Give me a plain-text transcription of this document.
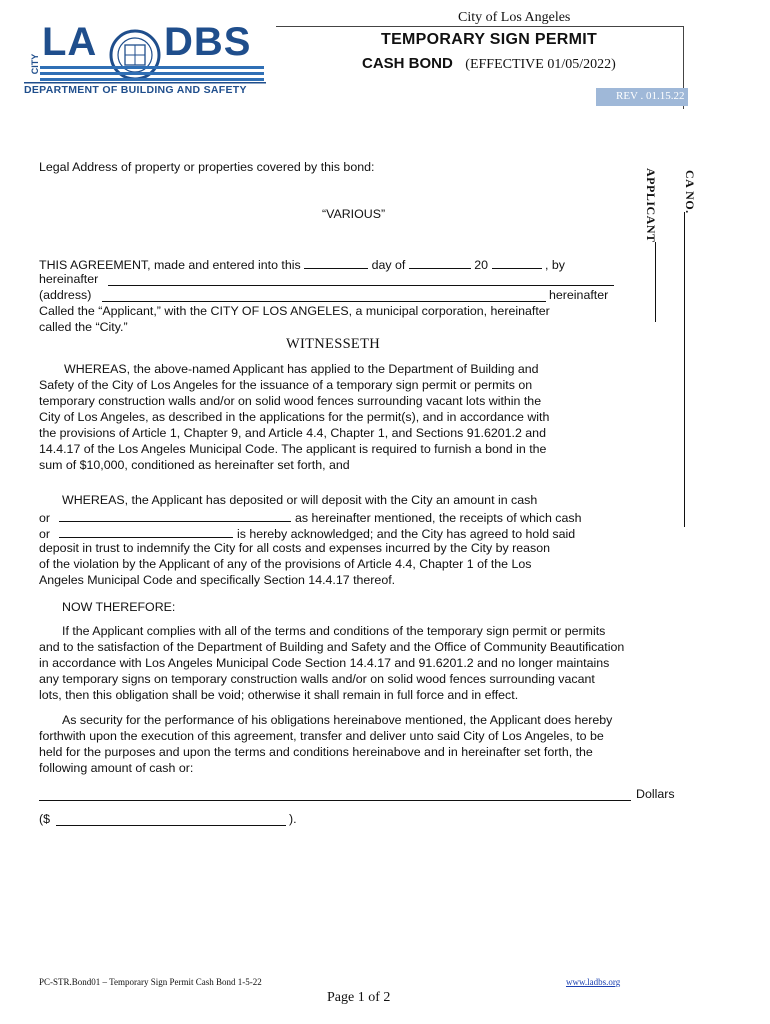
CITY LA DBS
DEPARTMENT OF BUILDING AND SAFETY
City of Los Angeles
TEMPORARY SIGN PERMIT
CASH BOND (EFFECTIVE 01/05/2022)
REV . 01.15.22
APPLICANT CA NO.
Legal Address of property or properties covered by this bond:
“VARIOUS”
THIS AGREEMENT, made and entered into this	day of	20	, by
hereinafter
(address)	hereinafter
Called the “Applicant,” with the CITY OF LOS ANGELES, a municipal corporation, hereinafter
called the “City.”
WITNESSETH
WHEREAS, the above-named Applicant has applied to the Department of Building and
Safety of the City of Los Angeles for the issuance of a temporary sign permit or permits on
temporary construction walls and/or on solid wood fences surrounding vacant lots within the
City of Los Angeles, as described in the applications for the permit(s), and in accordance with
the provisions of Article 1, Chapter 9, and Article 4.4, Chapter 1, and Sections 91.6201.2 and
14.4.17 of the Los Angeles Municipal Code. The applicant is required to furnish a bond in the
sum of $10,000, conditioned as hereinafter set forth, and
WHEREAS, the Applicant has deposited or will deposit with the City an amount in cash
or	as hereinafter mentioned, the receipts of which cash
or	is hereby acknowledged; and the City has agreed to hold said
deposit in trust to indemnify the City for all costs and expenses incurred by the City by reason
of the violation by the Applicant of any of the provisions of Article 4.4, Chapter 1 of the Los
Angeles Municipal Code and specifically Section 14.4.17 thereof.
NOW THEREFORE:
If the Applicant complies with all of the terms and conditions of the temporary sign permit or permits
and to the satisfaction of the Department of Building and Safety and the Office of Community Beautification
in accordance with Los Angeles Municipal Code Section 14.4.17 and 91.6201.2 and no longer maintains
any temporary signs on temporary construction walls and/or on solid wood fences surrounding vacant
lots, then this obligation shall be void; otherwise it shall remain in full force and in effect.
As security for the performance of his obligations hereinabove mentioned, the Applicant does hereby
forthwith upon the execution of this agreement, transfer and deliver unto said City of Los Angeles, to be
held for the purposes and upon the terms and conditions hereinabove and in hereinafter set forth, the
following amount of cash or:
Dollars
($	).
PC-STR.Bond01 – Temporary Sign Permit Cash Bond 1-5-22	www.ladbs.org
Page 1 of 2
